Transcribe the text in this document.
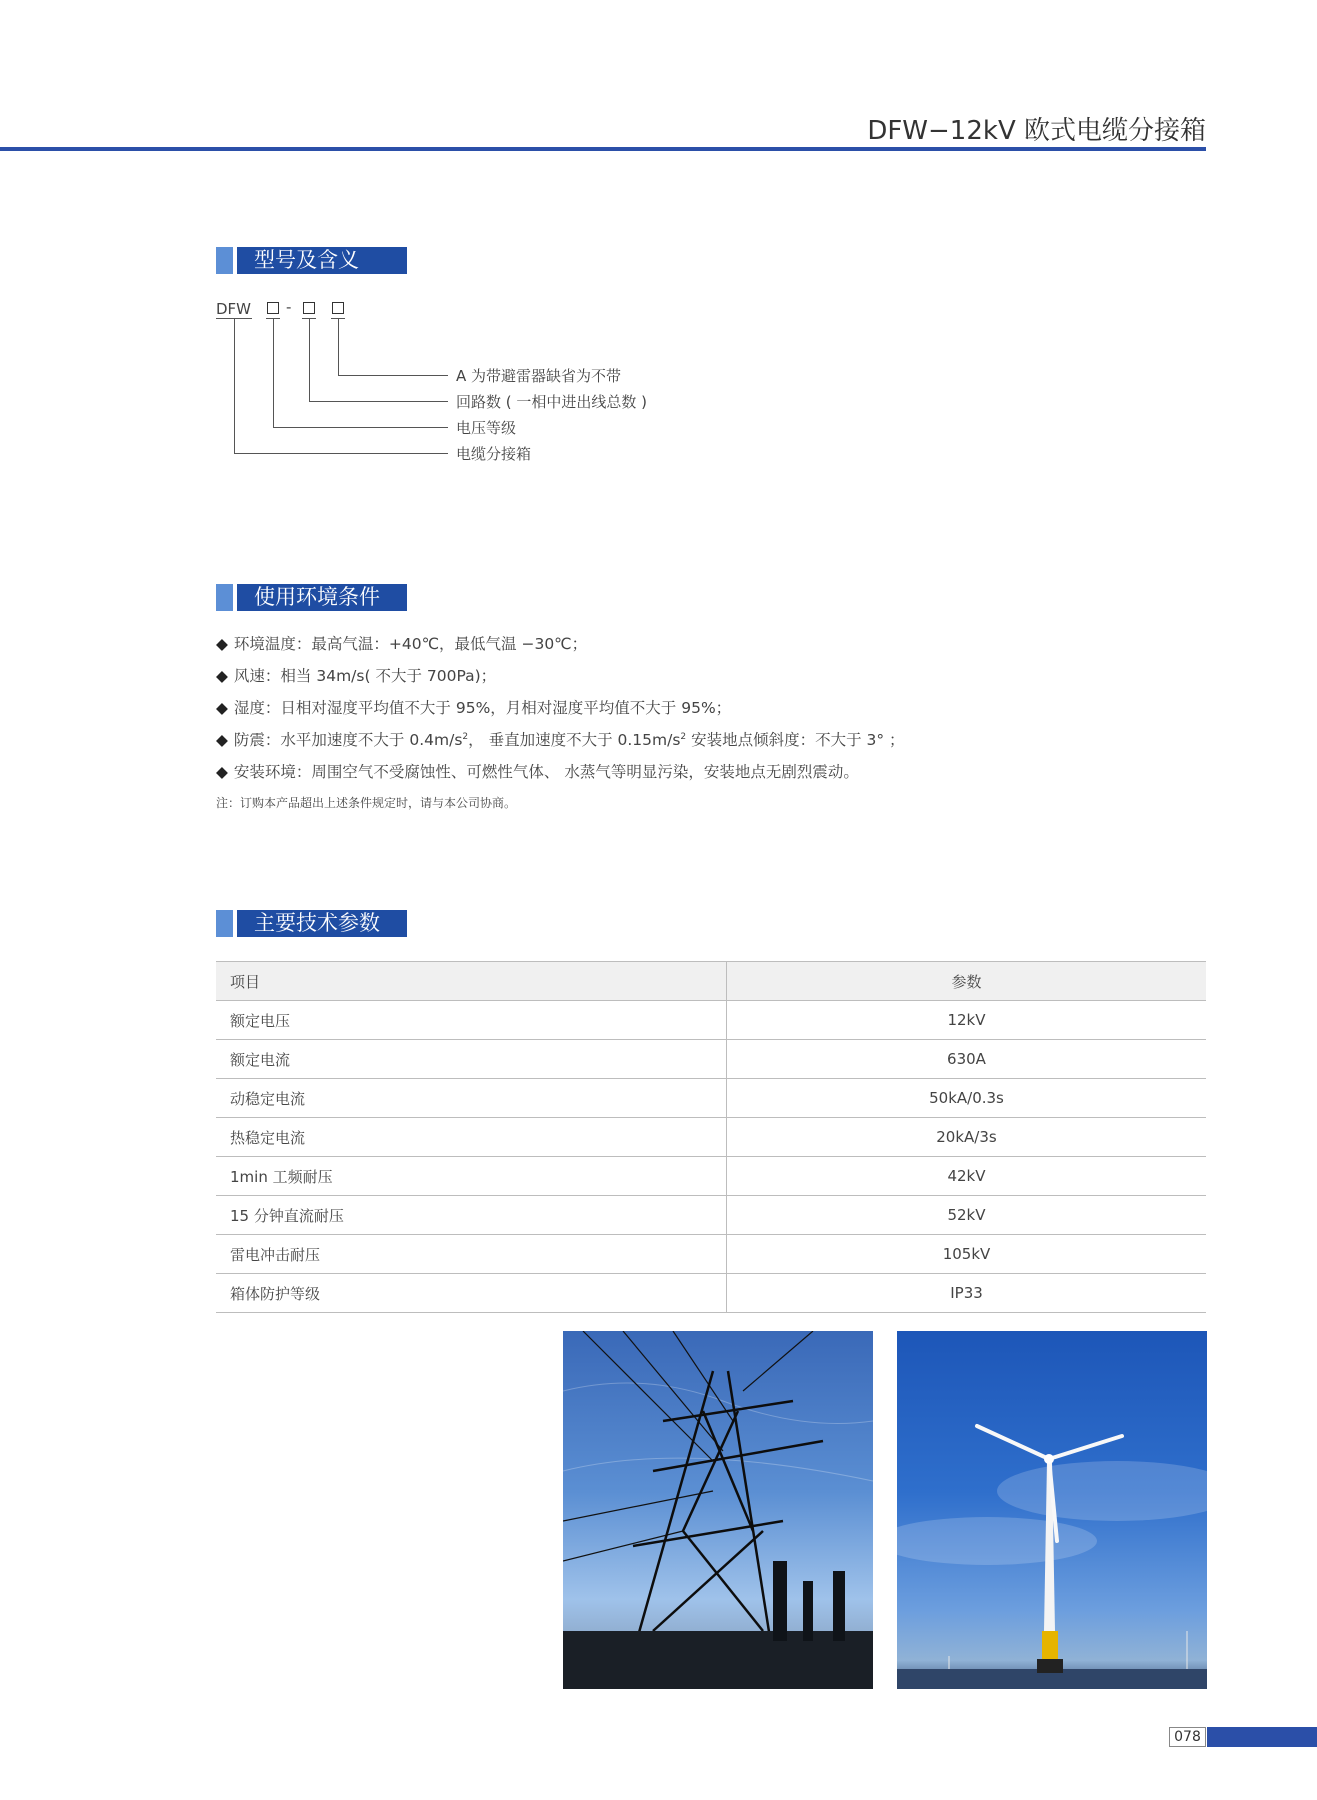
DFW−12kV 欧式电缆分接箱
型号及含义
DFW -
A 为带避雷器缺省为不带
回路数 ( 一相中进出线总数 )
电压等级
电缆分接箱
使用环境条件
◆ 环境温度：最高气温：+40℃，最低气温 −30℃；
◆ 风速：相当 34m/s( 不大于 700Pa)；
◆ 湿度：日相对湿度平均值不大于 95%，月相对湿度平均值不大于 95%；
◆ 防震：水平加速度不大于 $0.4m/s^2$， 垂直加速度不大于 $0.15m/s^2$ 安装地点倾斜度：不大于 3° ；
◆ 安装环境：周围空气不受腐蚀性、可燃性气体、 水蒸气等明显污染，安装地点无剧烈震动。
注：订购本产品超出上述条件规定时，请与本公司协商。
主要技术参数
项目	参数
额定电压	12kV
额定电流	630A
动稳定电流	50kA/0.3s
热稳定电流	20kA/3s
1min 工频耐压	42kV
15 分钟直流耐压	52kV
雷电冲击耐压	105kV
箱体防护等级	IP33
078
